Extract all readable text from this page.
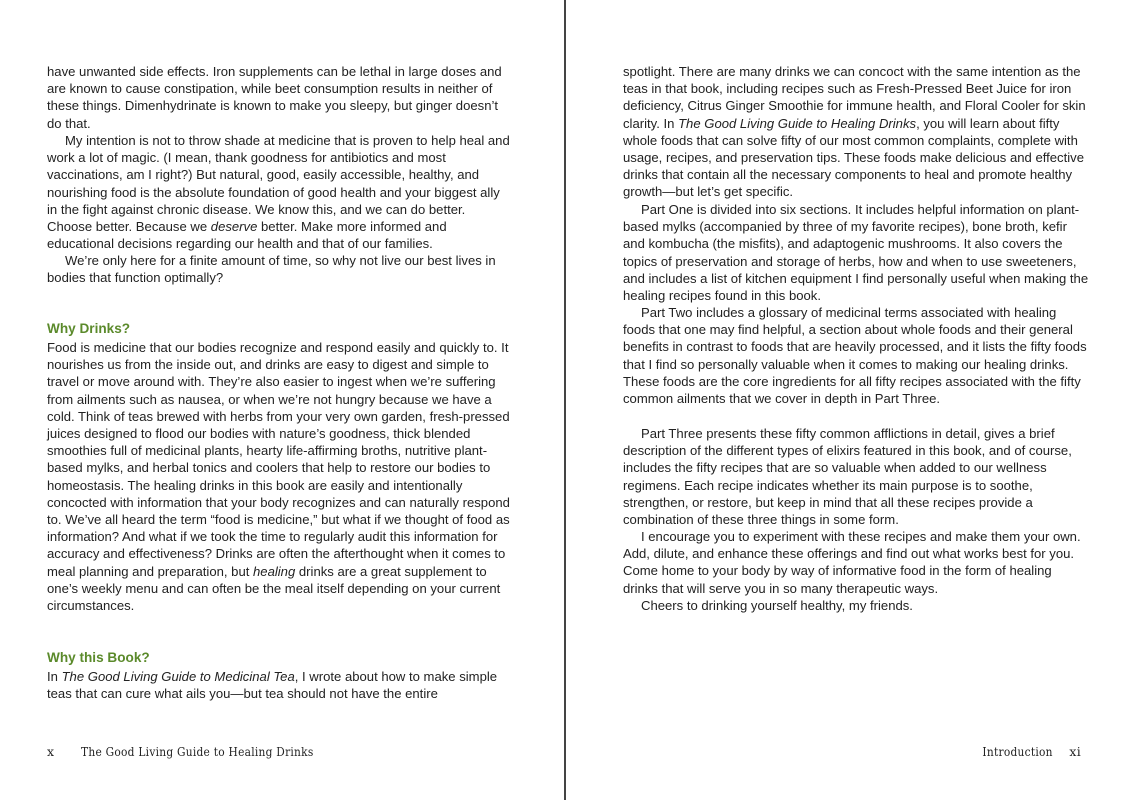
have unwanted side effects. Iron supplements can be lethal in large doses and are known to cause constipation, while beet consumption results in neither of these things. Dimenhydrinate is known to make you sleepy, but ginger doesn’t do that.

My intention is not to throw shade at medicine that is proven to help heal and work a lot of magic. (I mean, thank goodness for antibiotics and most vaccinations, am I right?) But natural, good, easily accessible, healthy, and nourishing food is the absolute foundation of good health and your biggest ally in the fight against chronic disease. We know this, and we can do better. Choose better. Because we deserve better. Make more informed and educational decisions regarding our health and that of our families.

We’re only here for a finite amount of time, so why not live our best lives in bodies that function optimally?

Why Drinks?

Food is medicine that our bodies recognize and respond easily and quickly to. It nourishes us from the inside out, and drinks are easy to digest and simple to travel or move around with. They’re also easier to ingest when we’re suffering from ailments such as nausea, or when we’re not hungry because we have a cold. Think of teas brewed with herbs from your very own garden, fresh-pressed juices designed to flood our bodies with nature’s goodness, thick blended smoothies full of medicinal plants, hearty life-affirming broths, nutritive plant-based mylks, and herbal tonics and coolers that help to restore our bodies to homeostasis. The healing drinks in this book are easily and intentionally concocted with information that your body recognizes and can naturally respond to. We’ve all heard the term “food is medicine,” but what if we thought of food as information? And what if we took the time to regularly audit this information for accuracy and effectiveness? Drinks are often the afterthought when it comes to meal planning and preparation, but healing drinks are a great supplement to one’s weekly menu and can often be the meal itself depending on your current circumstances.

Why this Book?

In The Good Living Guide to Medicinal Tea, I wrote about how to make simple teas that can cure what ails you—but tea should not have the entire

x The Good Living Guide to Healing Drinks

spotlight. There are many drinks we can concoct with the same intention as the teas in that book, including recipes such as Fresh-Pressed Beet Juice for iron deficiency, Citrus Ginger Smoothie for immune health, and Floral Cooler for skin clarity. In The Good Living Guide to Healing Drinks, you will learn about fifty whole foods that can solve fifty of our most common complaints, complete with usage, recipes, and preservation tips. These foods make delicious and effective drinks that contain all the necessary components to heal and promote healthy growth—but let’s get specific.

Part One is divided into six sections. It includes helpful information on plant-based mylks (accompanied by three of my favorite recipes), bone broth, kefir and kombucha (the misfits), and adaptogenic mushrooms. It also covers the topics of preservation and storage of herbs, how and when to use sweeteners, and includes a list of kitchen equipment I find personally useful when making the healing recipes found in this book.

Part Two includes a glossary of medicinal terms associated with healing foods that one may find helpful, a section about whole foods and their general benefits in contrast to foods that are heavily processed, and it lists the fifty foods that I find so personally valuable when it comes to making our healing drinks. These foods are the core ingredients for all fifty recipes associated with the fifty common ailments that we cover in depth in Part Three.

Part Three presents these fifty common afflictions in detail, gives a brief description of the different types of elixirs featured in this book, and of course, includes the fifty recipes that are so valuable when added to our wellness regimens. Each recipe indicates whether its main purpose is to soothe, strengthen, or restore, but keep in mind that all these recipes provide a combination of these three things in some form.

I encourage you to experiment with these recipes and make them your own. Add, dilute, and enhance these offerings and find out what works best for you. Come home to your body by way of informative food in the form of healing drinks that will serve you in so many therapeutic ways.

Cheers to drinking yourself healthy, my friends.

Introduction xi
